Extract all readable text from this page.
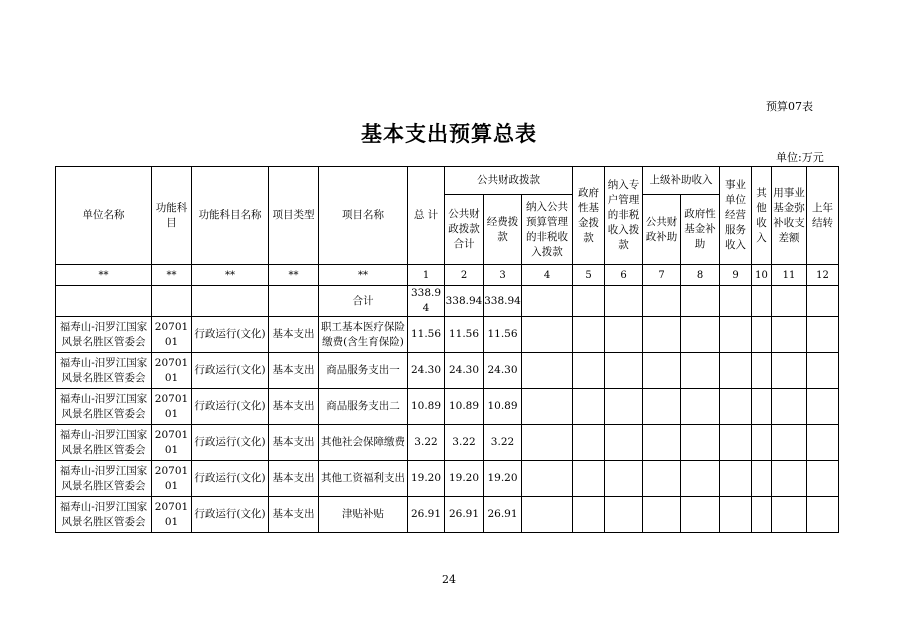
预算07表
基本支出预算总表
单位:万元
单位名称	功能科目	功能科目名称	项目类型	项目名称	总 计	公共财政拨款			政府性基金拨款	纳入专户管理的非税收入拨款	上级补助收入		事业单位经营服务收入	其他收入	用事业基金弥补收支差额	上年结转
						公共财政拨款合计	经费拨款	纳入公共预算管理的非税收入拨款			公共财政补助	政府性基金补助				
**	**	**	**	**	1	2	3	4	5	6	7	8	9	10	11	12
				合计	338.94	338.94	338.94									
福寿山-汨罗江国家风景名胜区管委会	2070101	行政运行(文化)	基本支出	职工基本医疗保险缴费(含生育保险)	11.56	11.56	11.56									
福寿山-汨罗江国家风景名胜区管委会	2070101	行政运行(文化)	基本支出	商品服务支出一	24.30	24.30	24.30									
福寿山-汨罗江国家风景名胜区管委会	2070101	行政运行(文化)	基本支出	商品服务支出二	10.89	10.89	10.89									
福寿山-汨罗江国家风景名胜区管委会	2070101	行政运行(文化)	基本支出	其他社会保障缴费	3.22	3.22	3.22									
福寿山-汨罗江国家风景名胜区管委会	2070101	行政运行(文化)	基本支出	其他工资福利支出	19.20	19.20	19.20									
福寿山-汨罗江国家风景名胜区管委会	2070101	行政运行(文化)	基本支出	津贴补贴	26.91	26.91	26.91									
24
